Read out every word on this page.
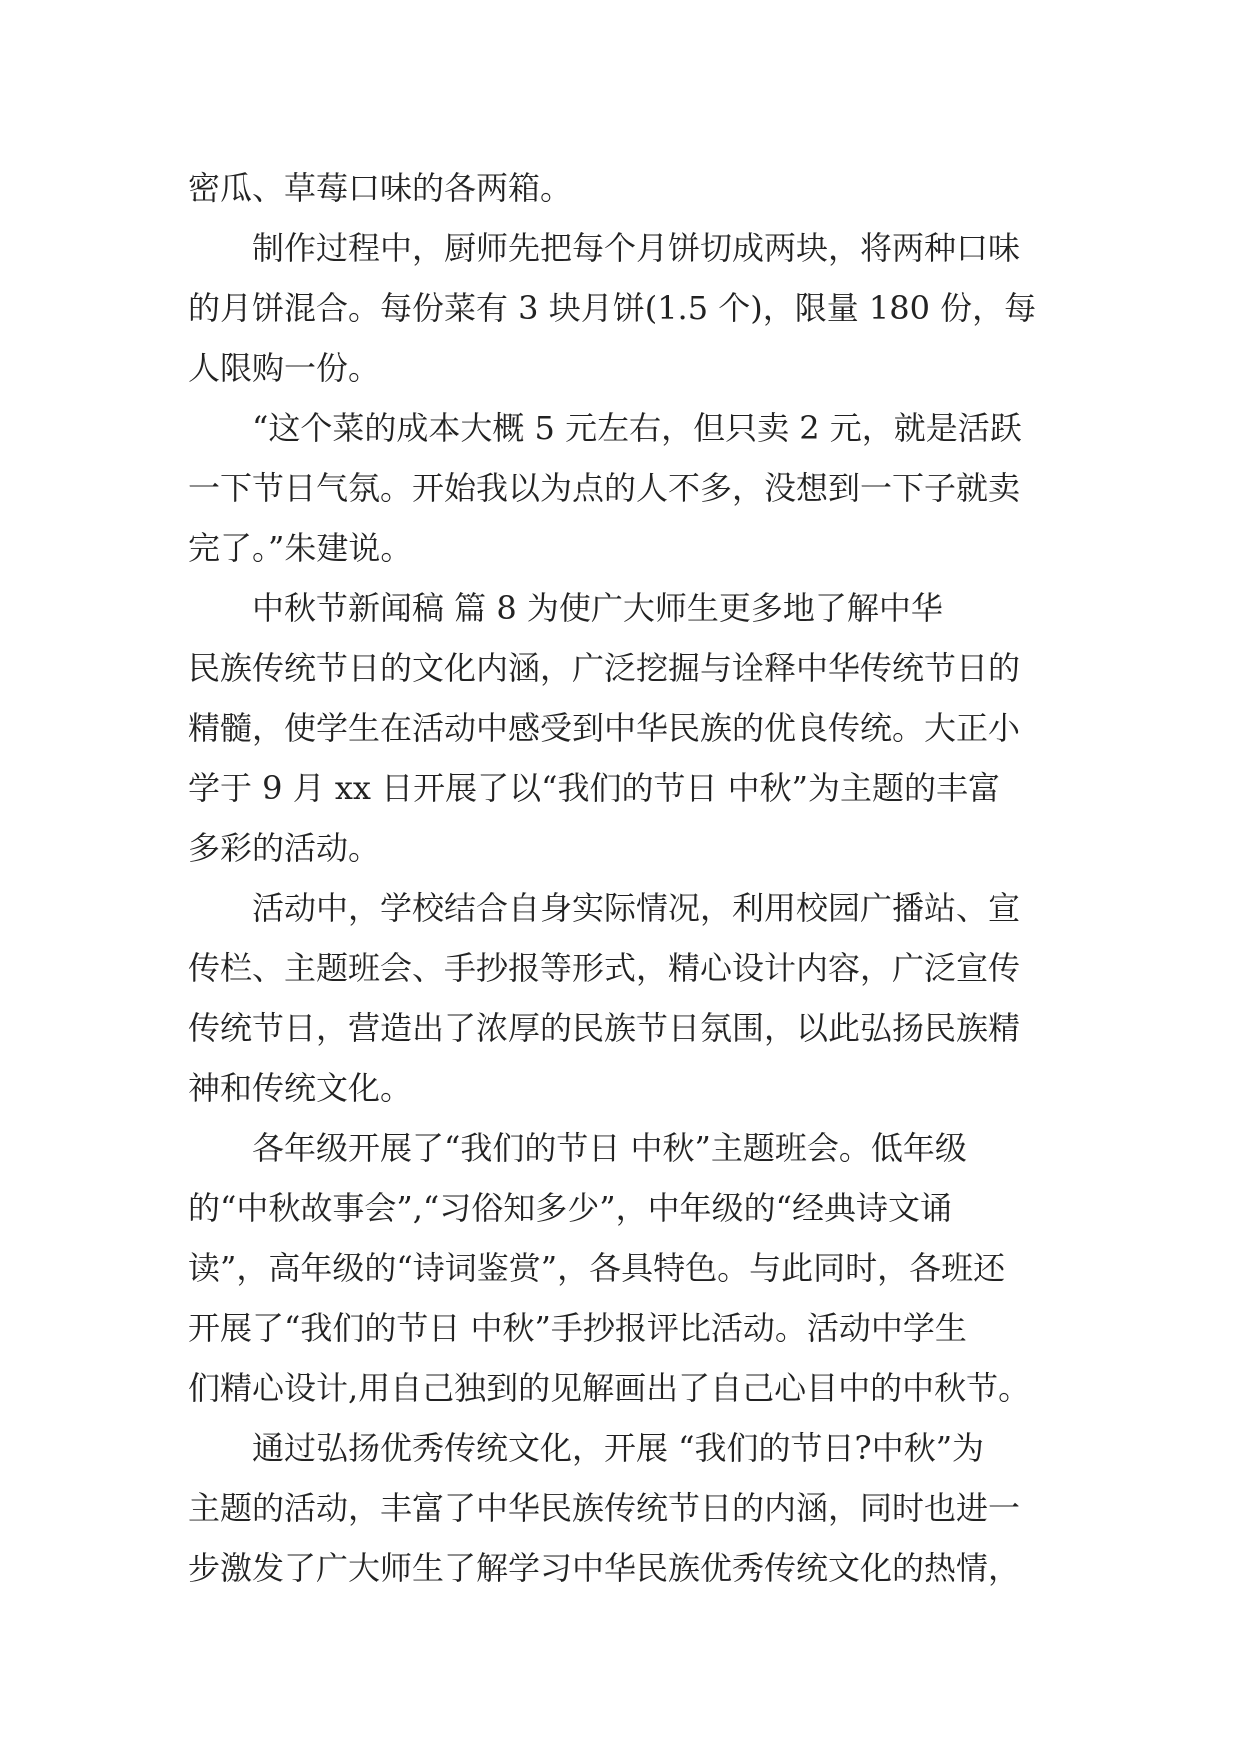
密瓜、草莓口味的各两箱。
制作过程中，厨师先把每个月饼切成两块，将两种口味
的月饼混合。每份菜有 3 块月饼(1.5 个)，限量 180 份，每
人限购一份。
“这个菜的成本大概 5 元左右，但只卖 2 元，就是活跃
一下节日气氛。开始我以为点的人不多，没想到一下子就卖
完了。”朱建说。
中秋节新闻稿 篇 8 为使广大师生更多地了解中华
民族传统节日的文化内涵，广泛挖掘与诠释中华传统节日的
精髓，使学生在活动中感受到中华民族的优良传统。大正小
学于 9 月 xx 日开展了以“我们的节日 中秋”为主题的丰富
多彩的活动。
活动中，学校结合自身实际情况，利用校园广播站、宣
传栏、主题班会、手抄报等形式，精心设计内容，广泛宣传
传统节日，营造出了浓厚的民族节日氛围，以此弘扬民族精
神和传统文化。
各年级开展了“我们的节日 中秋”主题班会。低年级
的“中秋故事会”,“习俗知多少”，中年级的“经典诗文诵
读”，高年级的“诗词鉴赏”，各具特色。与此同时，各班还
开展了“我们的节日 中秋”手抄报评比活动。活动中学生
们精心设计,用自己独到的见解画出了自己心目中的中秋节。
通过弘扬优秀传统文化，开展 “我们的节日?中秋”为
主题的活动，丰富了中华民族传统节日的内涵，同时也进一
步激发了广大师生了解学习中华民族优秀传统文化的热情，
